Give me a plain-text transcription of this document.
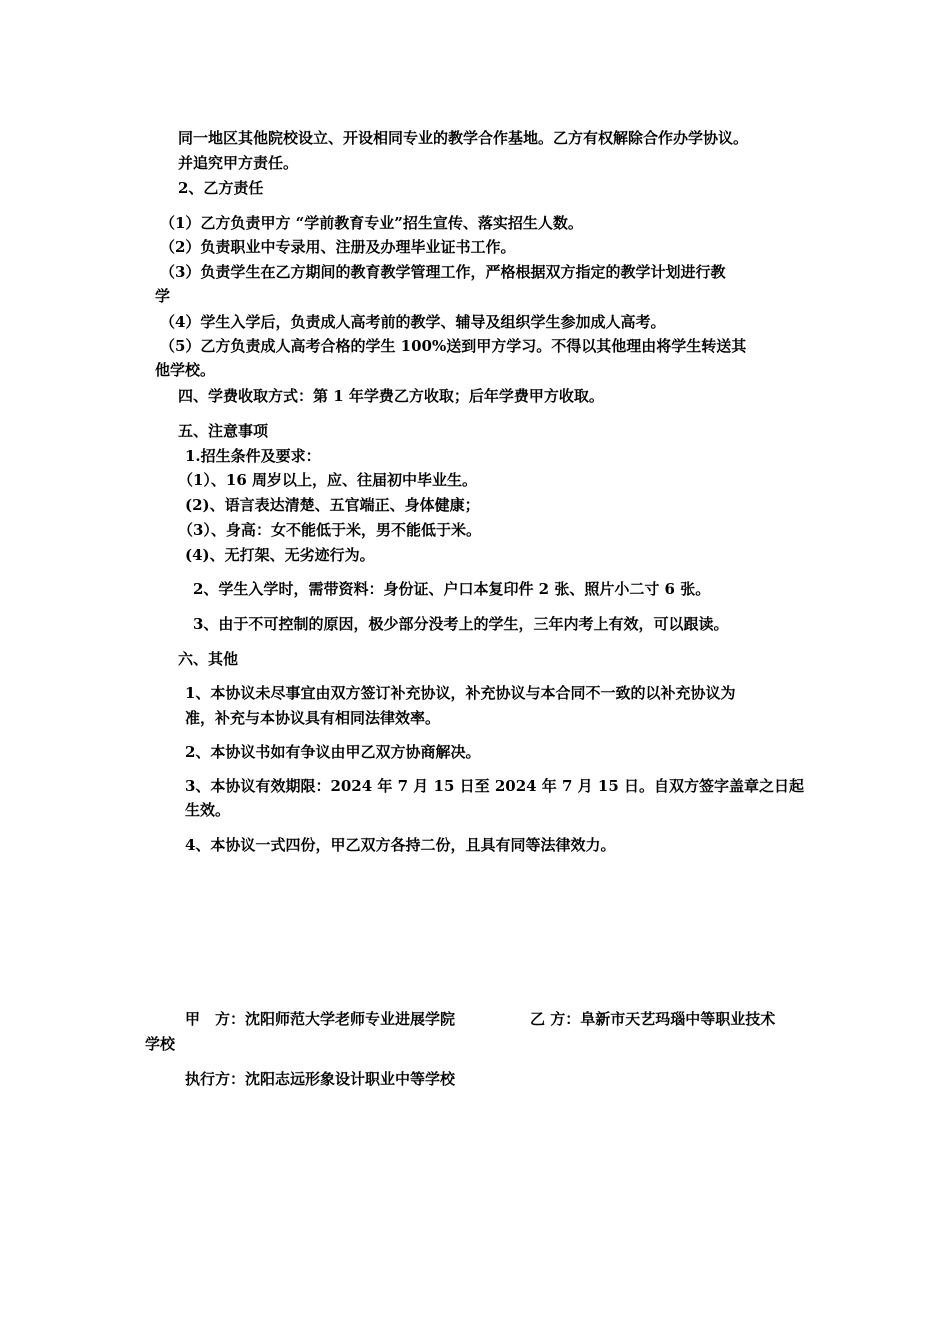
同一地区其他院校设立、开设相同专业的教学合作基地。乙方有权解除合作办学协议。

并追究甲方责任。

2、乙方责任

（1）乙方负责甲方 “学前教育专业”招生宣传、落实招生人数。

（2）负责职业中专录用、注册及办理毕业证书工作。

（3）负责学生在乙方期间的教育教学管理工作，严格根据双方指定的教学计划进行教

学

（4）学生入学后，负责成人高考前的教学、辅导及组织学生参加成人高考。

（5）乙方负责成人高考合格的学生 100%送到甲方学习。不得以其他理由将学生转送其

他学校。

四、学费收取方式：第 1 年学费乙方收取；后年学费甲方收取。

五、注意事项

1.招生条件及要求：

（1）、16 周岁以上，应、往届初中毕业生。

(2)、语言表达清楚、五官端正、身体健康；

（3）、身高：女不能低于米，男不能低于米。

(4)、无打架、无劣迹行为。

2、学生入学时，需带资料：身份证、户口本复印件 2 张、照片小二寸 6 张。

3、由于不可控制的原因，极少部分没考上的学生，三年内考上有效，可以跟读。

六、其他

1、本协议未尽事宜由双方签订补充协议，补充协议与本合同不一致的以补充协议为

准，补充与本协议具有相同法律效率。

2、本协议书如有争议由甲乙双方协商解决。

3、本协议有效期限：2024 年 7 月 15 日至 2024 年 7 月 15 日。自双方签字盖章之日起

生效。

4、本协议一式四份，甲乙双方各持二份，且具有同等法律效力。

甲　方：沈阳师范大学老师专业进展学院	乙 方：阜新市天艺玛瑙中等职业技术

学校

执行方：沈阳志远形象设计职业中等学校
